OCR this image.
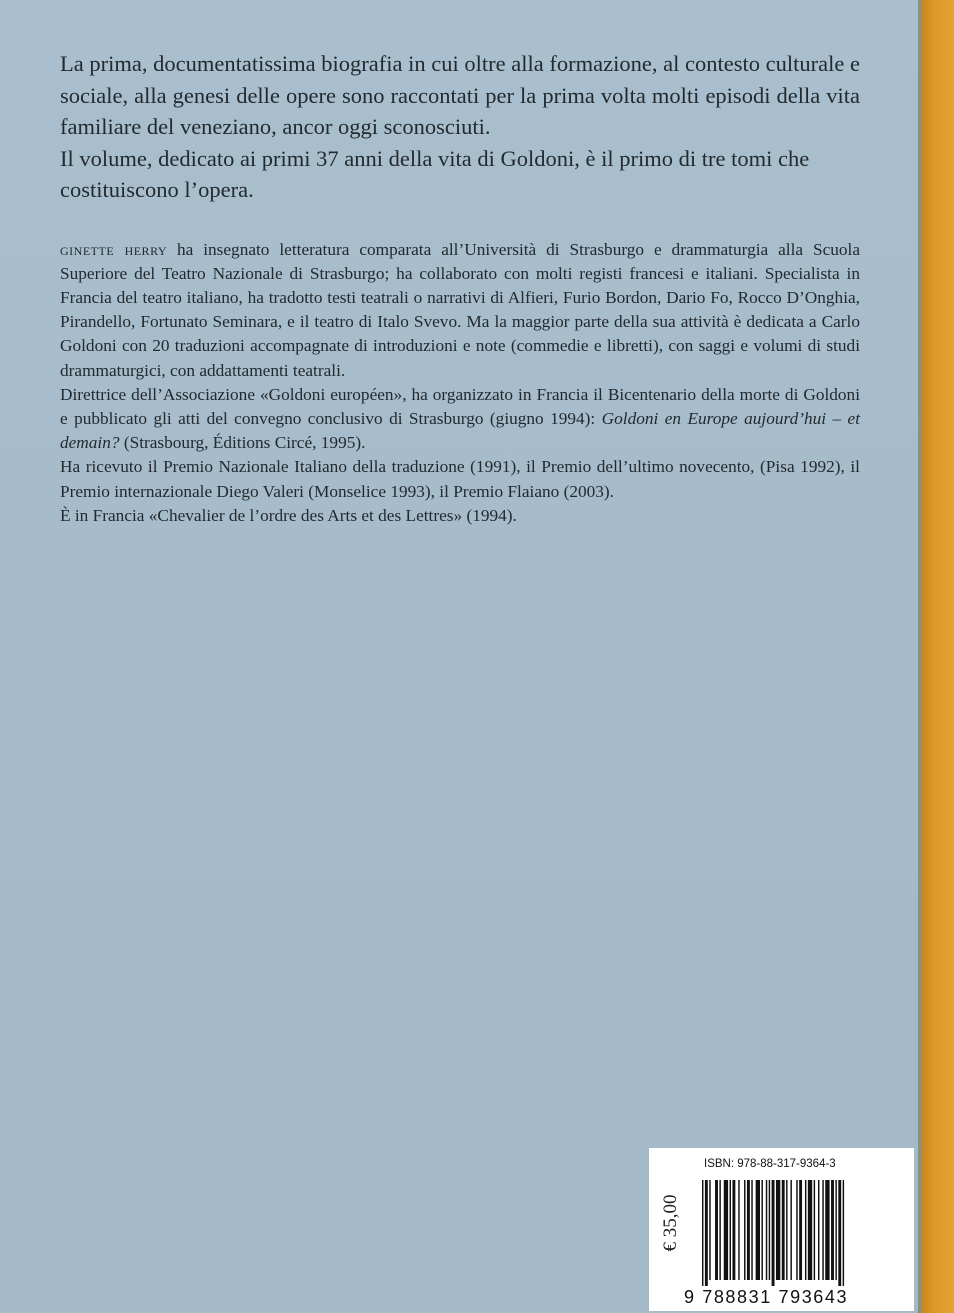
La prima, documentatissima biografia in cui oltre alla formazione, al contesto culturale e sociale, alla genesi delle opere sono raccontati per la prima volta molti episodi della vita familiare del veneziano, ancor oggi sconosciuti.

Il volume, dedicato ai primi 37 anni della vita di Goldoni, è il primo di tre tomi che costituiscono l’opera.

ginette herry ha insegnato letteratura comparata all’Università di Strasburgo e drammaturgia alla Scuola Superiore del Teatro Nazionale di Strasburgo; ha collaborato con molti registi francesi e italiani. Specialista in Francia del teatro italiano, ha tradotto testi teatrali o narrativi di Alfieri, Furio Bordon, Dario Fo, Rocco D’Onghia, Pirandello, Fortunato Seminara, e il teatro di Italo Svevo. Ma la maggior parte della sua attività è dedicata a Carlo Goldoni con 20 traduzioni accompagnate di introduzioni e note (commedie e libretti), con saggi e volumi di studi drammaturgici, con addattamenti teatrali.

Direttrice dell’Associazione «Goldoni européen», ha organizzato in Francia il Bicentenario della morte di Goldoni e pubblicato gli atti del convegno conclusivo di Strasburgo (giugno 1994): Goldoni en Europe aujourd’hui – et demain? (Strasbourg, Éditions Circé, 1995).

Ha ricevuto il Premio Nazionale Italiano della traduzione (1991), il Premio dell’ultimo novecento, (Pisa 1992), il Premio internazionale Diego Valeri (Monselice 1993), il Premio Flaiano (2003).

È in Francia «Chevalier de l’ordre des Arts et des Lettres» (1994).

€ 35,00
ISBN: 978-88-317-9364-3
9 788831 793643
